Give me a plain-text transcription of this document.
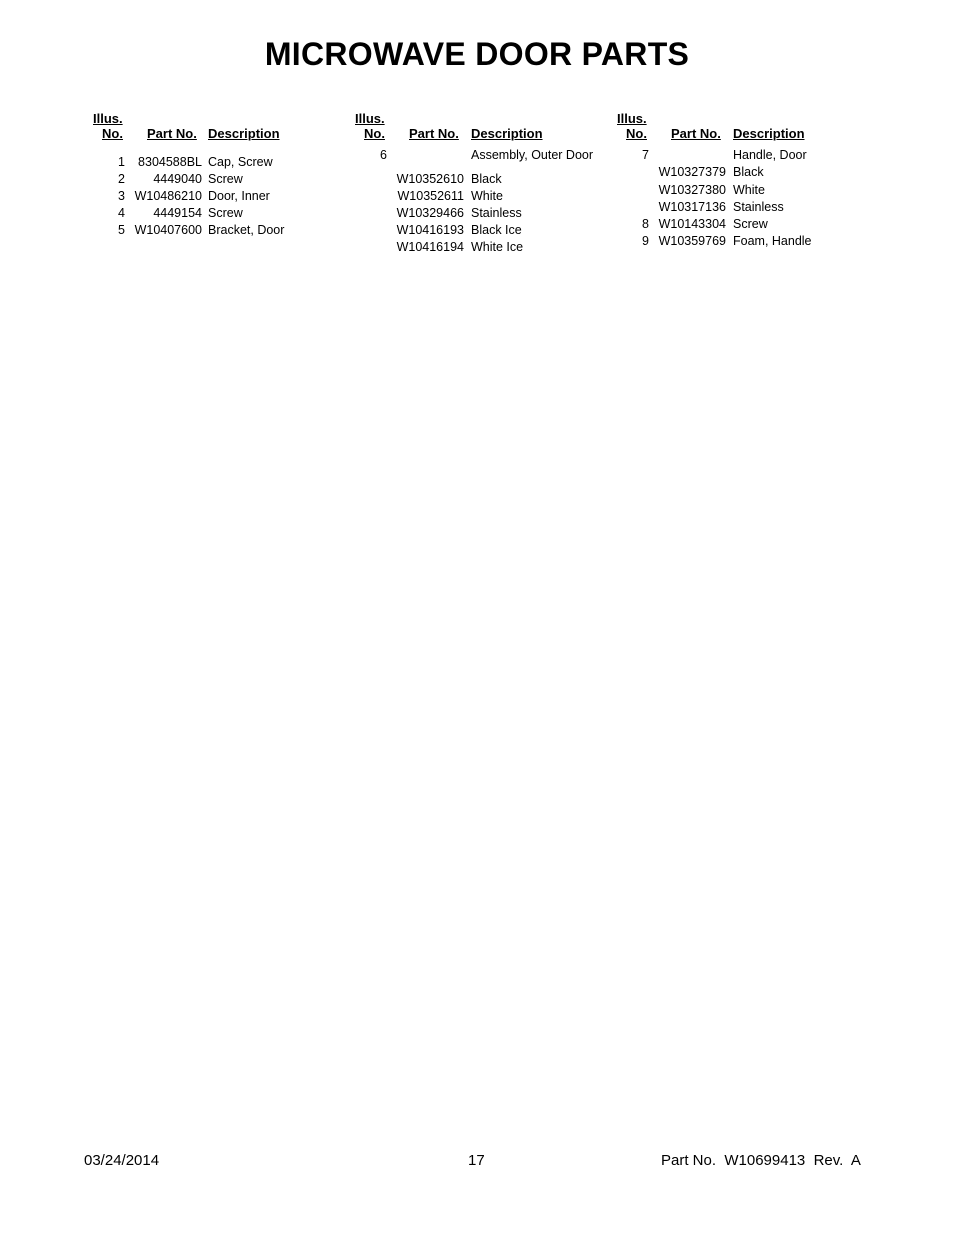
MICROWAVE DOOR PARTS
Illus.
No. Part No. Description
1	8304588BL Cap, Screw
2	4449040 Screw
3 W10486210 Door, Inner
4	4449154 Screw
5 W10407600 Bracket, Door
Illus.
No. Part No. Description
6	Assembly, Outer Door
W10352610 Black
W10352611 White
W10329466 Stainless
W10416193 Black Ice
W10416194 White Ice
Illus.
No. Part No. Description
7	Handle, Door
W10327379 Black
W10327380 White
W10317136 Stainless
8 W10143304 Screw
9 W10359769 Foam, Handle
03/24/2014	17	Part No.  W10699413  Rev.  A
